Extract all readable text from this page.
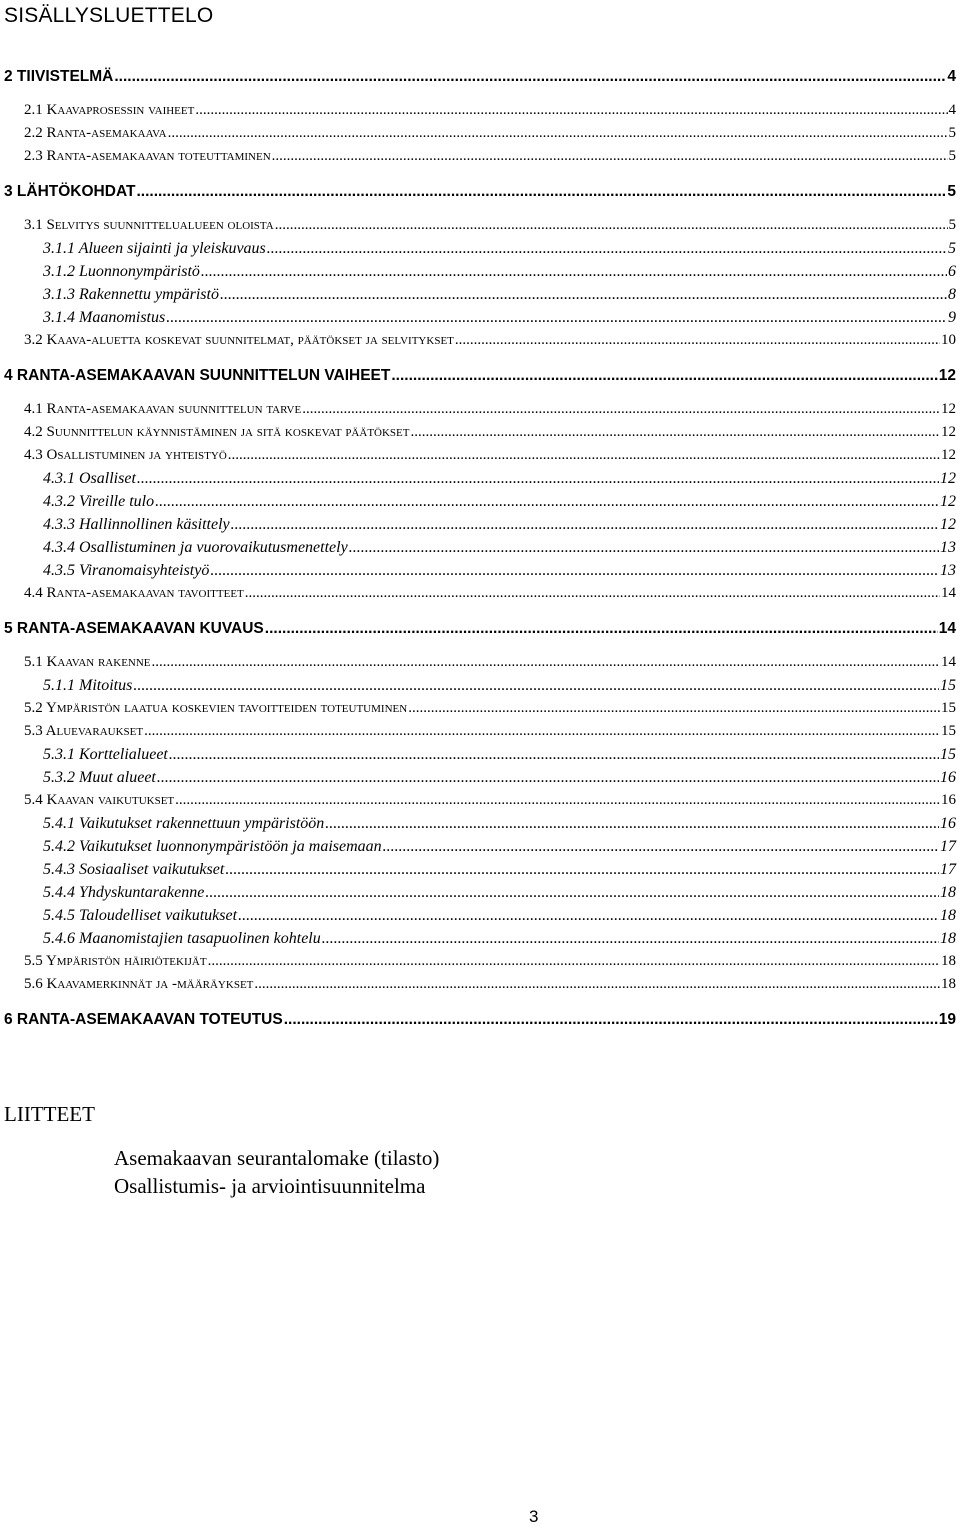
SISÄLLYSLUETTELO
2 TIIVISTELMÄ .....	4
2.1 Kaavaprosessin vaiheet .....	4
2.2 Ranta-asemakaava .....	5
2.3 Ranta-asemakaavan toteuttaminen .....	5
3 LÄHTÖKOHDAT .....	5
3.1 Selvitys suunnittelualueen oloista .....	5
3.1.1 Alueen sijainti ja yleiskuvaus .....	5
3.1.2 Luonnonympäristö .....	6
3.1.3 Rakennettu ympäristö .....	8
3.1.4 Maanomistus .....	9
3.2 Kaava-aluetta koskevat suunnitelmat, päätökset ja selvitykset .....	10
4 RANTA-ASEMAKAAVAN SUUNNITTELUN VAIHEET .....	12
4.1 Ranta-asemakaavan suunnittelun tarve .....	12
4.2 Suunnittelun käynnistäminen ja sitä koskevat päätökset .....	12
4.3 Osallistuminen ja yhteistyö .....	12
4.3.1 Osalliset .....	12
4.3.2 Vireille tulo .....	12
4.3.3 Hallinnollinen käsittely .....	12
4.3.4 Osallistuminen ja vuorovaikutusmenettely .....	13
4.3.5 Viranomaisyhteistyö .....	13
4.4 Ranta-asemakaavan tavoitteet .....	14
5 RANTA-ASEMAKAAVAN KUVAUS .....	14
5.1 Kaavan rakenne .....	14
5.1.1 Mitoitus .....	15
5.2 Ympäristön laatua koskevien tavoitteiden toteutuminen .....	15
5.3 Aluevaraukset .....	15
5.3.1 Korttelialueet .....	15
5.3.2 Muut alueet .....	16
5.4 Kaavan vaikutukset .....	16
5.4.1 Vaikutukset rakennettuun ympäristöön .....	16
5.4.2 Vaikutukset luonnonympäristöön ja maisemaan .....	17
5.4.3 Sosiaaliset vaikutukset .....	17
5.4.4 Yhdyskuntarakenne .....	18
5.4.5 Taloudelliset vaikutukset .....	18
5.4.6 Maanomistajien tasapuolinen kohtelu .....	18
5.5 Ympäristön häiriötekijät .....	18
5.6 Kaavamerkinnät ja -määräykset .....	18
6 RANTA-ASEMAKAAVAN TOTEUTUS .....	19
LIITTEET
Asemakaavan seurantalomake (tilasto)
Osallistumis- ja arviointisuunnitelma
3
